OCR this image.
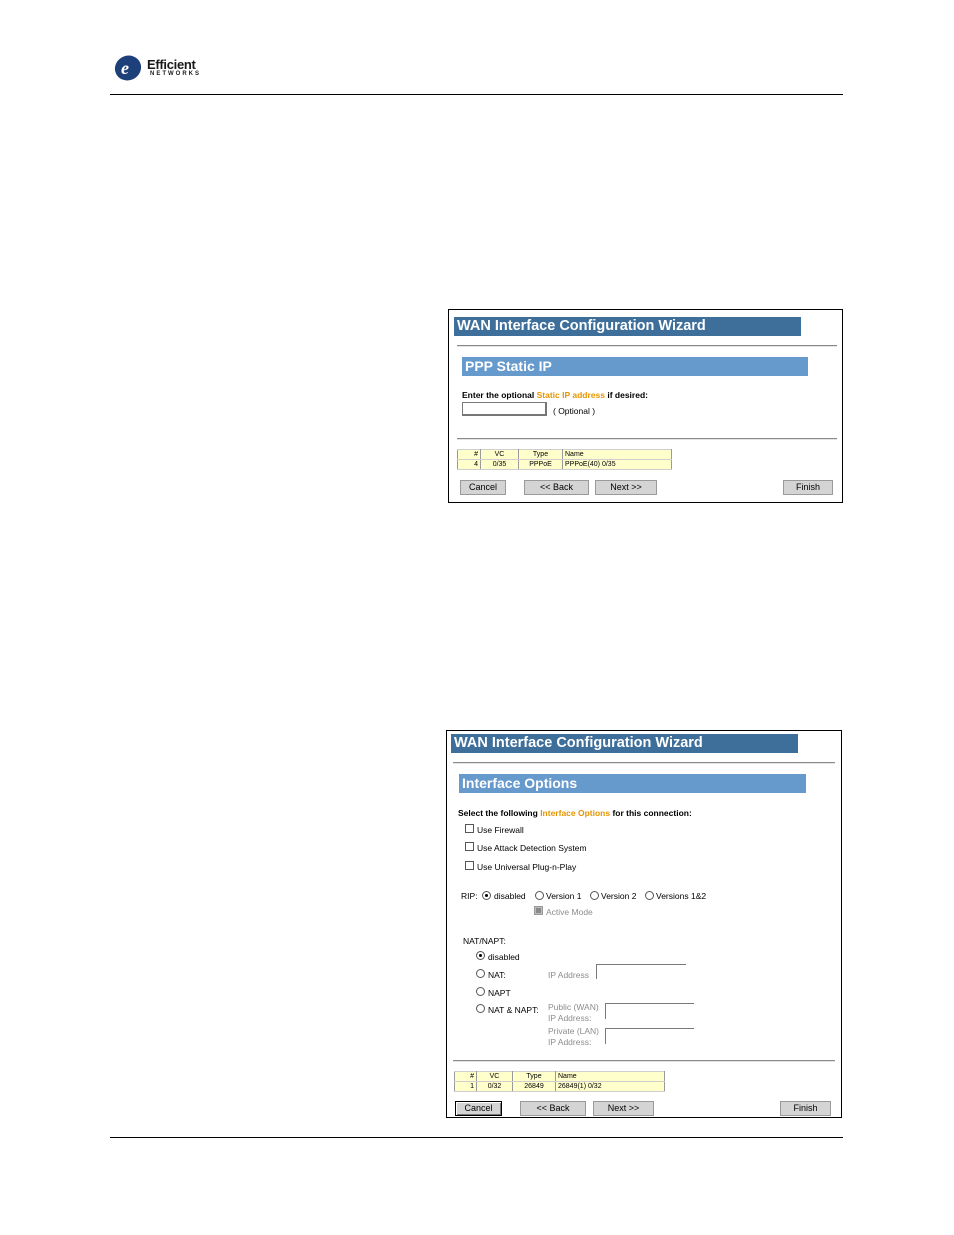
e Efficient
NETWORKS
WAN Interface Configuration Wizard
PPP Static IP
Enter the optional Static IP address if desired:
( Optional )
#	VC	Type	Name
4	0/35	PPPoE	PPPoE(40) 0/35
Cancel	<< Back	Next >>	Finish
WAN Interface Configuration Wizard
Interface Options
Select the following Interface Options for this connection:
Use Firewall
Use Attack Detection System
Use Universal Plug-n-Play
RIP: disabled Version 1 Version 2 Versions 1&2
Active Mode
NAT/NAPT:
disabled
NAT:	IP Address
NAPT
NAT & NAPT: Public (WAN)
IP Address:
Private (LAN)
IP Address:
#	VC	Type	Name
1	0/32	26849	26849(1) 0/32
Cancel	<< Back	Next >>	Finish
